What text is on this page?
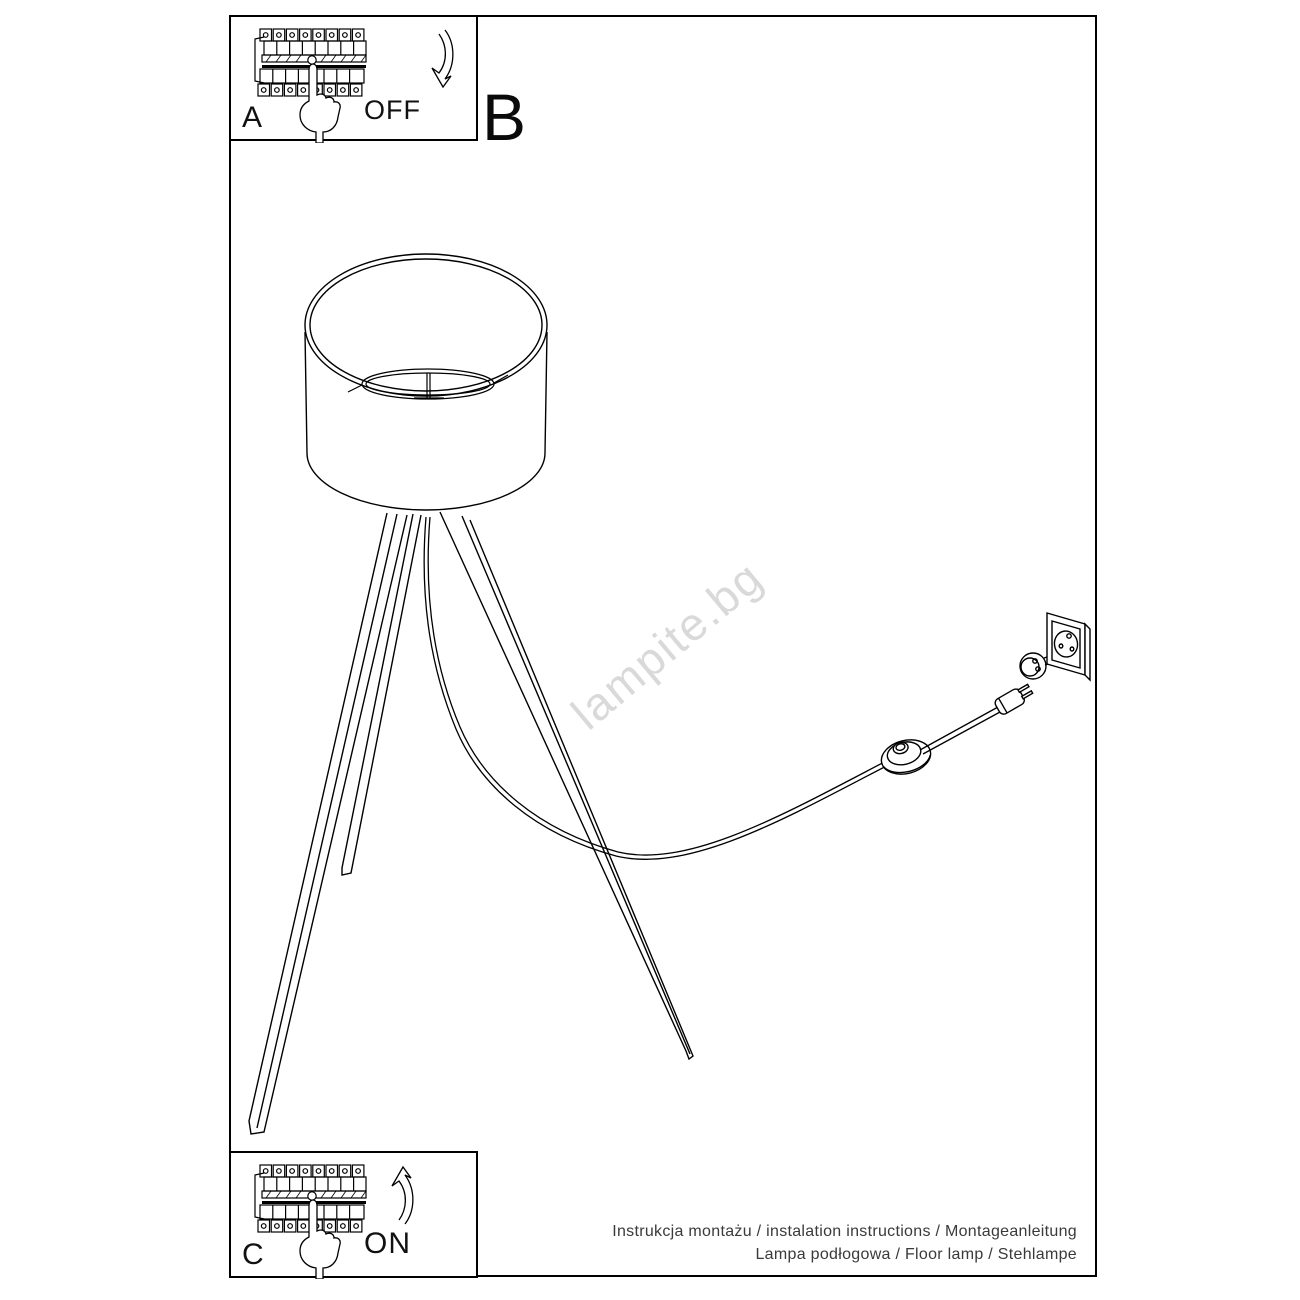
lampite.bg
A	OFF B
C	ON	Instrukcja montażu / instalation instructions / Montageanleitung
Lampa podłogowa / Floor lamp / Stehlampe
